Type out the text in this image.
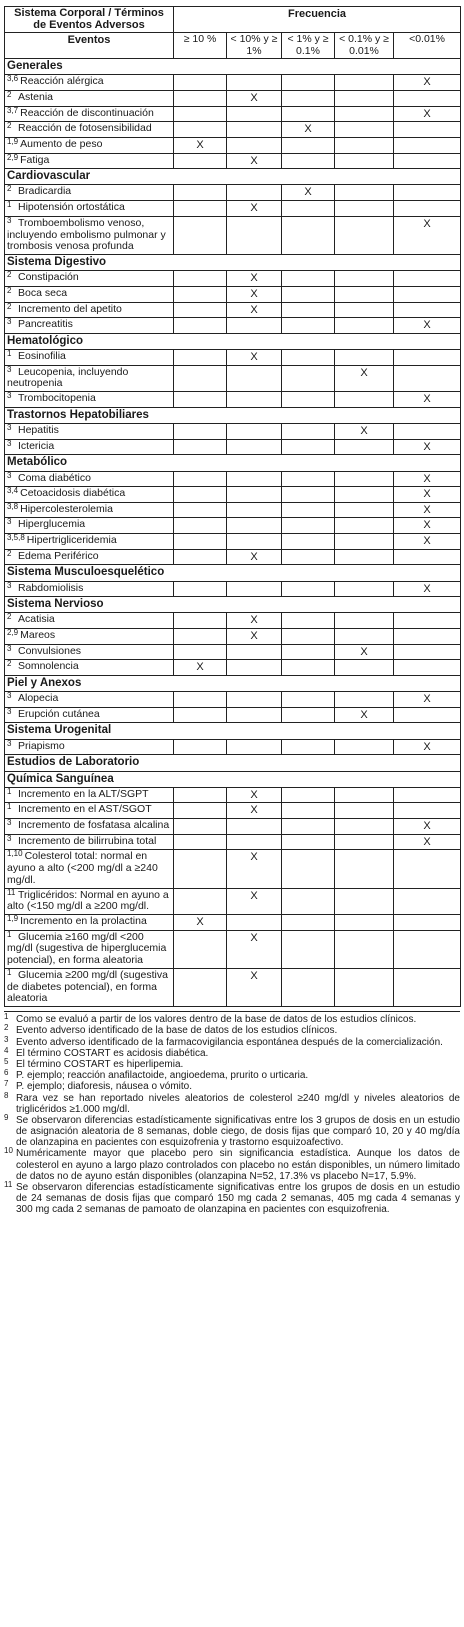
Sistema Corporal / Términos de Eventos Adversos	Frecuencia				
Eventos	≥ 10 %	< 10% y ≥ 1%	< 1% y ≥ 0.1%	< 0.1% y ≥ 0.01%	<0.01%
Generales					
3,6 Reacción alérgica					X
2 Astenia		X			
3,7 Reacción de discontinuación					X
2 Reacción de fotosensibilidad			X		
1,9 Aumento de peso	X				
2,9 Fatiga		X			
Cardiovascular					
2 Bradicardia			X		
1 Hipotensión ortostática		X			
3 Tromboembolismo venoso, incluyendo embolismo pulmonar y trombosis venosa profunda					X
Sistema Digestivo					
2 Constipación		X			
2 Boca seca		X			
2 Incremento del apetito		X			
3 Pancreatitis					X
Hematológico					
1 Eosinofilia		X			
3 Leucopenia, incluyendo neutropenia				X	
3 Trombocitopenia					X
Trastornos Hepatobiliares					
3 Hepatitis				X	
3 Ictericia					X
Metabólico					
3 Coma diabético					X
3,4 Cetoacidosis diabética					X
3,8 Hipercolesterolemia					X
3 Hiperglucemia					X
3,5,8 Hipertrigliceridemia					X
2 Edema Periférico		X			
Sistema Musculoesquelético					
3 Rabdomiolisis					X
Sistema Nervioso					
2 Acatisia		X			
2,9 Mareos		X			
3 Convulsiones				X	
2 Somnolencia	X				
Piel y Anexos					
3 Alopecia					X
3 Erupción cutánea				X	
Sistema Urogenital					
3 Priapismo					X
Estudios de Laboratorio					
Química Sanguínea					
1 Incremento en la ALT/SGPT		X			
1 Incremento en el AST/SGOT		X			
3 Incremento de fosfatasa alcalina					X
3 Incremento de bilirrubina total					X
1,10 Colesterol total: normal en ayuno a alto (<200 mg/dl a ≥240 mg/dl.		X			
11 Triglicéridos: Normal en ayuno a alto (<150 mg/dl a ≥200 mg/dl.		X			
1,9 Incremento en la prolactina	X				
1 Glucemia ≥160 mg/dl <200 mg/dl (sugestiva de hiperglucemia potencial), en forma aleatoria		X			
1 Glucemia ≥200 mg/dl (sugestiva de diabetes potencial), en forma aleatoria		X			
1 Como se evaluó a partir de los valores dentro de la base de datos de los estudios clínicos.
2 Evento adverso identificado de la base de datos de los estudios clínicos.
3 Evento adverso identificado de la farmacovigilancia espontánea después de la comercialización.
4 El término COSTART es acidosis diabética.
5 El término COSTART es hiperlipemia.
6 P. ejemplo; reacción anafilactoide, angioedema, prurito o urticaria.
7 P. ejemplo; diaforesis, náusea o vómito.
8 Rara vez se han reportado niveles aleatorios de colesterol ≥240 mg/dl y niveles aleatorios de triglicéridos ≥1.000 mg/dl.
9 Se observaron diferencias estadísticamente significativas entre los 3 grupos de dosis en un estudio de asignación aleatoria de 8 semanas, doble ciego, de dosis fijas que comparó 10, 20 y 40 mg/día de olanzapina en pacientes con esquizofrenia y trastorno esquizoafectivo.
10 Numéricamente mayor que placebo pero sin significancia estadística. Aunque los datos de colesterol en ayuno a largo plazo controlados con placebo no están disponibles, un número limitado de datos no de ayuno están disponibles (olanzapina N=52, 17.3% vs placebo N=17, 5.9%.
11 Se observaron diferencias estadísticamente significativas entre los grupos de dosis en un estudio de 24 semanas de dosis fijas que comparó 150 mg cada 2 semanas, 405 mg cada 4 semanas y 300 mg cada 2 semanas de pamoato de olanzapina en pacientes con esquizofrenia.
